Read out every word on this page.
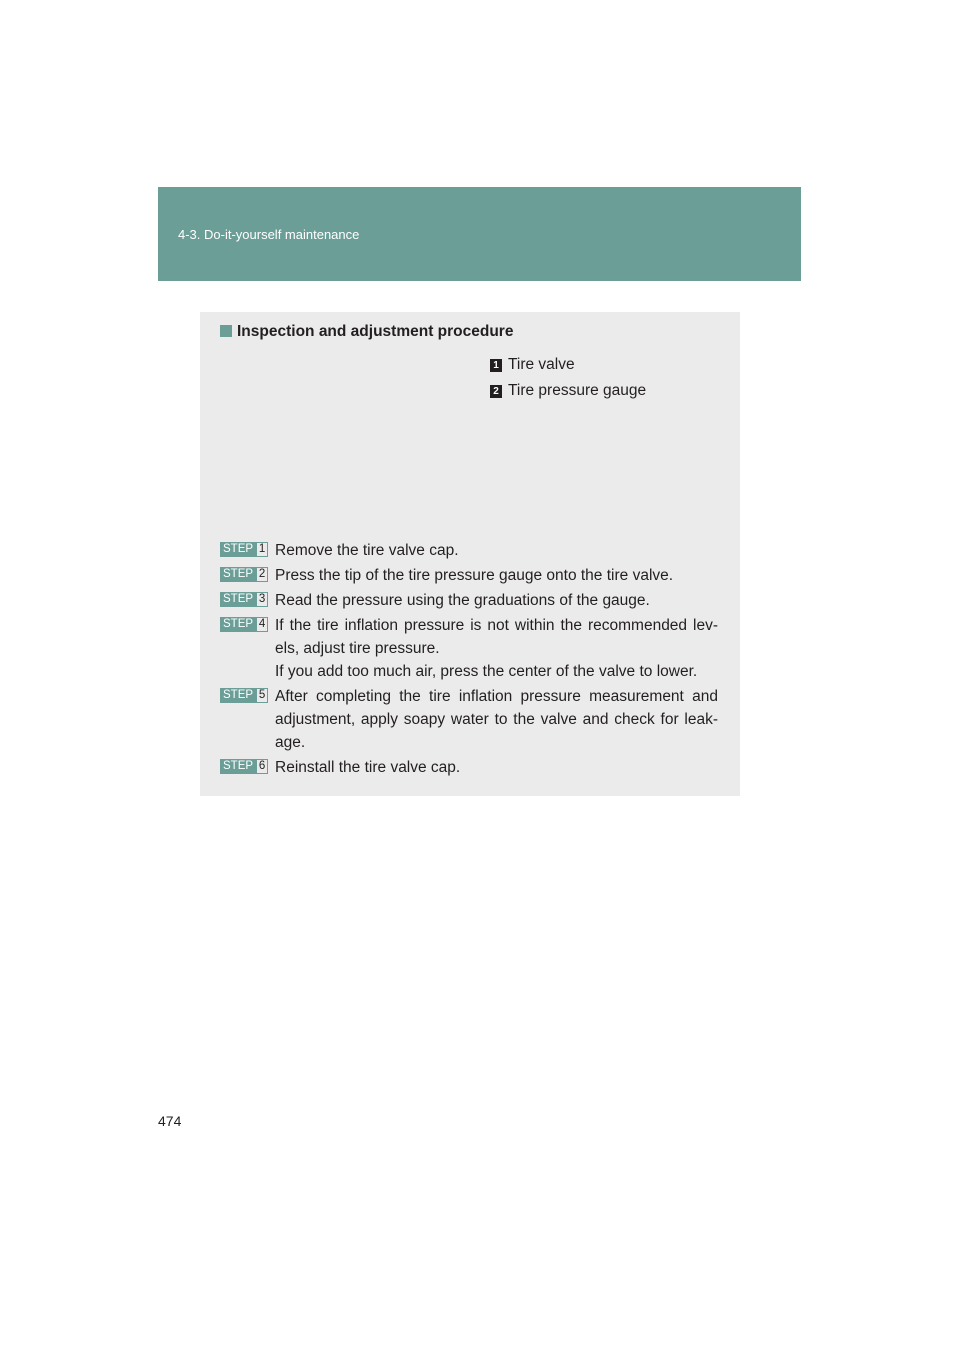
4-3. Do-it-yourself maintenance
Inspection and adjustment procedure
1 Tire valve
2 Tire pressure gauge
STEP 1 Remove the tire valve cap.
STEP 2 Press the tip of the tire pressure gauge onto the tire valve.
STEP 3 Read the pressure using the graduations of the gauge.
STEP 4 If the tire inflation pressure is not within the recommended lev- els, adjust tire pressure.
If you add too much air, press the center of the valve to lower.
STEP 5 After completing the tire inflation pressure measurement and adjustment, apply soapy water to the valve and check for leak- age.
STEP 6 Reinstall the tire valve cap.
474
